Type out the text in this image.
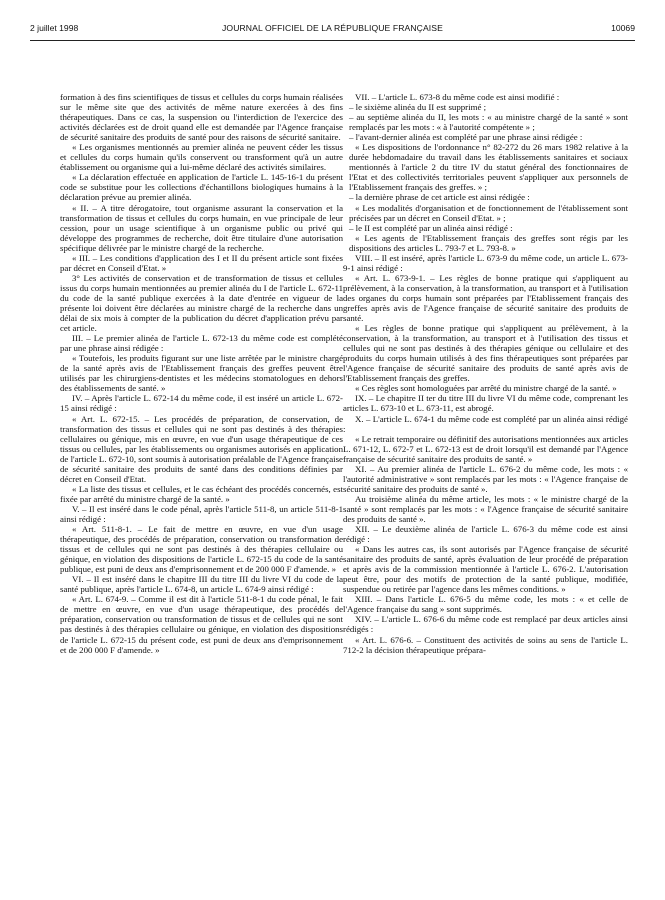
2 juillet 1998	JOURNAL OFFICIEL DE LA RÉPUBLIQUE FRANÇAISE	10069

formation à des fins scientifiques de tissus et cellules du corps humain réalisées sur le même site que des activités de même nature exercées à des fins thérapeutiques. Dans ce cas, la suspension ou l'interdiction de l'exercice des activités déclarées est de droit quand elle est demandée par l'Agence française de sécurité sanitaire des produits de santé pour des raisons de sécurité sanitaire.

« Les organismes mentionnés au premier alinéa ne peuvent céder les tissus et cellules du corps humain qu'ils conservent ou transforment qu'à un autre établissement ou organisme qui a lui-même déclaré des activités similaires.

« La déclaration effectuée en application de l'article L. 145-16-1 du présent code se substitue pour les collections d'échantillons biologiques humains à la déclaration prévue au premier alinéa.

« II. – A titre dérogatoire, tout organisme assurant la conservation et la transformation de tissus et cellules du corps humain, en vue principale de leur cession, pour un usage scientifique à un organisme public ou privé qui développe des programmes de recherche, doit être titulaire d'une autorisation spécifique délivrée par le ministre chargé de la recherche.

« III. – Les conditions d'application des I et II du présent article sont fixées par décret en Conseil d'Etat. »

3° Les activités de conservation et de transformation de tissus et cellules issus du corps humain mentionnées au premier alinéa du I de l'article L. 672-11 du code de la santé publique exercées à la date d'entrée en vigueur de la présente loi doivent être déclarées au ministre chargé de la recherche dans un délai de six mois à compter de la publication du décret d'application prévu par cet article.

III. – Le premier alinéa de l'article L. 672-13 du même code est complété par une phrase ainsi rédigée :

« Toutefois, les produits figurant sur une liste arrêtée par le ministre chargé de la santé après avis de l'Etablissement français des greffes peuvent être utilisés par les chirurgiens-dentistes et les médecins stomatologues en dehors des établissements de santé. »

IV. – Après l'article L. 672-14 du même code, il est inséré un article L. 672-15 ainsi rédigé :

« Art. L. 672-15. – Les procédés de préparation, de conservation, de transformation des tissus et cellules qui ne sont pas destinés à des thérapies cellulaires ou génique, mis en œuvre, en vue d'un usage thérapeutique de ces tissus ou cellules, par les établissements ou organismes autorisés en application de l'article L. 672-10, sont soumis à autorisation préalable de l'Agence française de sécurité sanitaire des produits de santé dans des conditions définies par décret en Conseil d'Etat.

« La liste des tissus et cellules, et le cas échéant des procédés concernés, est fixée par arrêté du ministre chargé de la santé. »

V. – Il est inséré dans le code pénal, après l'article 511-8, un article 511-8-1 ainsi rédigé :

« Art. 511-8-1. – Le fait de mettre en œuvre, en vue d'un usage thérapeutique, des procédés de préparation, conservation ou transformation de tissus et de cellules qui ne sont pas destinés à des thérapies cellulaire ou génique, en violation des dispositions de l'article L. 672-15 du code de la santé publique, est puni de deux ans d'emprisonnement et de 200 000 F d'amende. »

VI. – Il est inséré dans le chapitre III du titre III du livre VI du code de la santé publique, après l'article L. 674-8, un article L. 674-9 ainsi rédigé :

« Art. L. 674-9. – Comme il est dit à l'article 511-8-1 du code pénal, le fait de mettre en œuvre, en vue d'un usage thérapeutique, des procédés de préparation, conservation ou transformation de tissus et de cellules qui ne sont pas destinés à des thérapies cellulaire ou génique, en violation des dispositions de l'article L. 672-15 du présent code, est puni de deux ans d'emprisonnement et de 200 000 F d'amende. »

VII. – L'article L. 673-8 du même code est ainsi modifié :

– le sixième alinéa du II est supprimé ;

– au septième alinéa du II, les mots : « au ministre chargé de la santé » sont remplacés par les mots : « à l'autorité compétente » ;

– l'avant-dernier alinéa est complété par une phrase ainsi rédigée :

« Les dispositions de l'ordonnance n° 82-272 du 26 mars 1982 relative à la durée hebdomadaire du travail dans les établissements sanitaires et sociaux mentionnés à l'article 2 du titre IV du statut général des fonctionnaires de l'Etat et des collectivités territoriales peuvent s'appliquer aux personnels de l'Etablissement français des greffes. » ;

– la dernière phrase de cet article est ainsi rédigée :

« Les modalités d'organisation et de fonctionnement de l'établissement sont précisées par un décret en Conseil d'Etat. » ;

– le II est complété par un alinéa ainsi rédigé :

« Les agents de l'Etablissement français des greffes sont régis par les dispositions des articles L. 793-7 et L. 793-8. »

VIII. – Il est inséré, après l'article L. 673-9 du même code, un article L. 673-9-1 ainsi rédigé :

« Art. L. 673-9-1. – Les règles de bonne pratique qui s'appliquent au prélèvement, à la conservation, à la transformation, au transport et à l'utilisation des organes du corps humain sont préparées par l'Etablissement français des greffes après avis de l'Agence française de sécurité sanitaire des produits de santé.

« Les règles de bonne pratique qui s'appliquent au prélèvement, à la conservation, à la transformation, au transport et à l'utilisation des tissus et cellules qui ne sont pas destinés à des thérapies génique ou cellulaire et des produits du corps humain utilisés à des fins thérapeutiques sont préparées par l'Agence française de sécurité sanitaire des produits de santé après avis de l'Etablissement français des greffes.

« Ces règles sont homologuées par arrêté du ministre chargé de la santé. »

IX. – Le chapitre II ter du titre III du livre VI du même code, comprenant les articles L. 673-10 et L. 673-11, est abrogé.

X. – L'article L. 674-1 du même code est complété par un alinéa ainsi rédigé :

« Le retrait temporaire ou définitif des autorisations mentionnées aux articles L. 671-12, L. 672-7 et L. 672-13 est de droit lorsqu'il est demandé par l'Agence française de sécurité sanitaire des produits de santé. »

XI. – Au premier alinéa de l'article L. 676-2 du même code, les mots : « l'autorité administrative » sont remplacés par les mots : « l'Agence française de sécurité sanitaire des produits de santé ».

Au troisième alinéa du même article, les mots : « le ministre chargé de la santé » sont remplacés par les mots : « l'Agence française de sécurité sanitaire des produits de santé ».

XII. – Le deuxième alinéa de l'article L. 676-3 du même code est ainsi rédigé :

« Dans les autres cas, ils sont autorisés par l'Agence française de sécurité sanitaire des produits de santé, après évaluation de leur procédé de préparation et après avis de la commission mentionnée à l'article L. 676-2. L'autorisation peut être, pour des motifs de protection de la santé publique, modifiée, suspendue ou retirée par l'agence dans les mêmes conditions. »

XIII. – Dans l'article L. 676-5 du même code, les mots : « et celle de l'Agence française du sang » sont supprimés.

XIV. – L'article L. 676-6 du même code est remplacé par deux articles ainsi rédigés :

« Art. L. 676-6. – Constituent des activités de soins au sens de l'article L. 712-2 la décision thérapeutique prépara-
